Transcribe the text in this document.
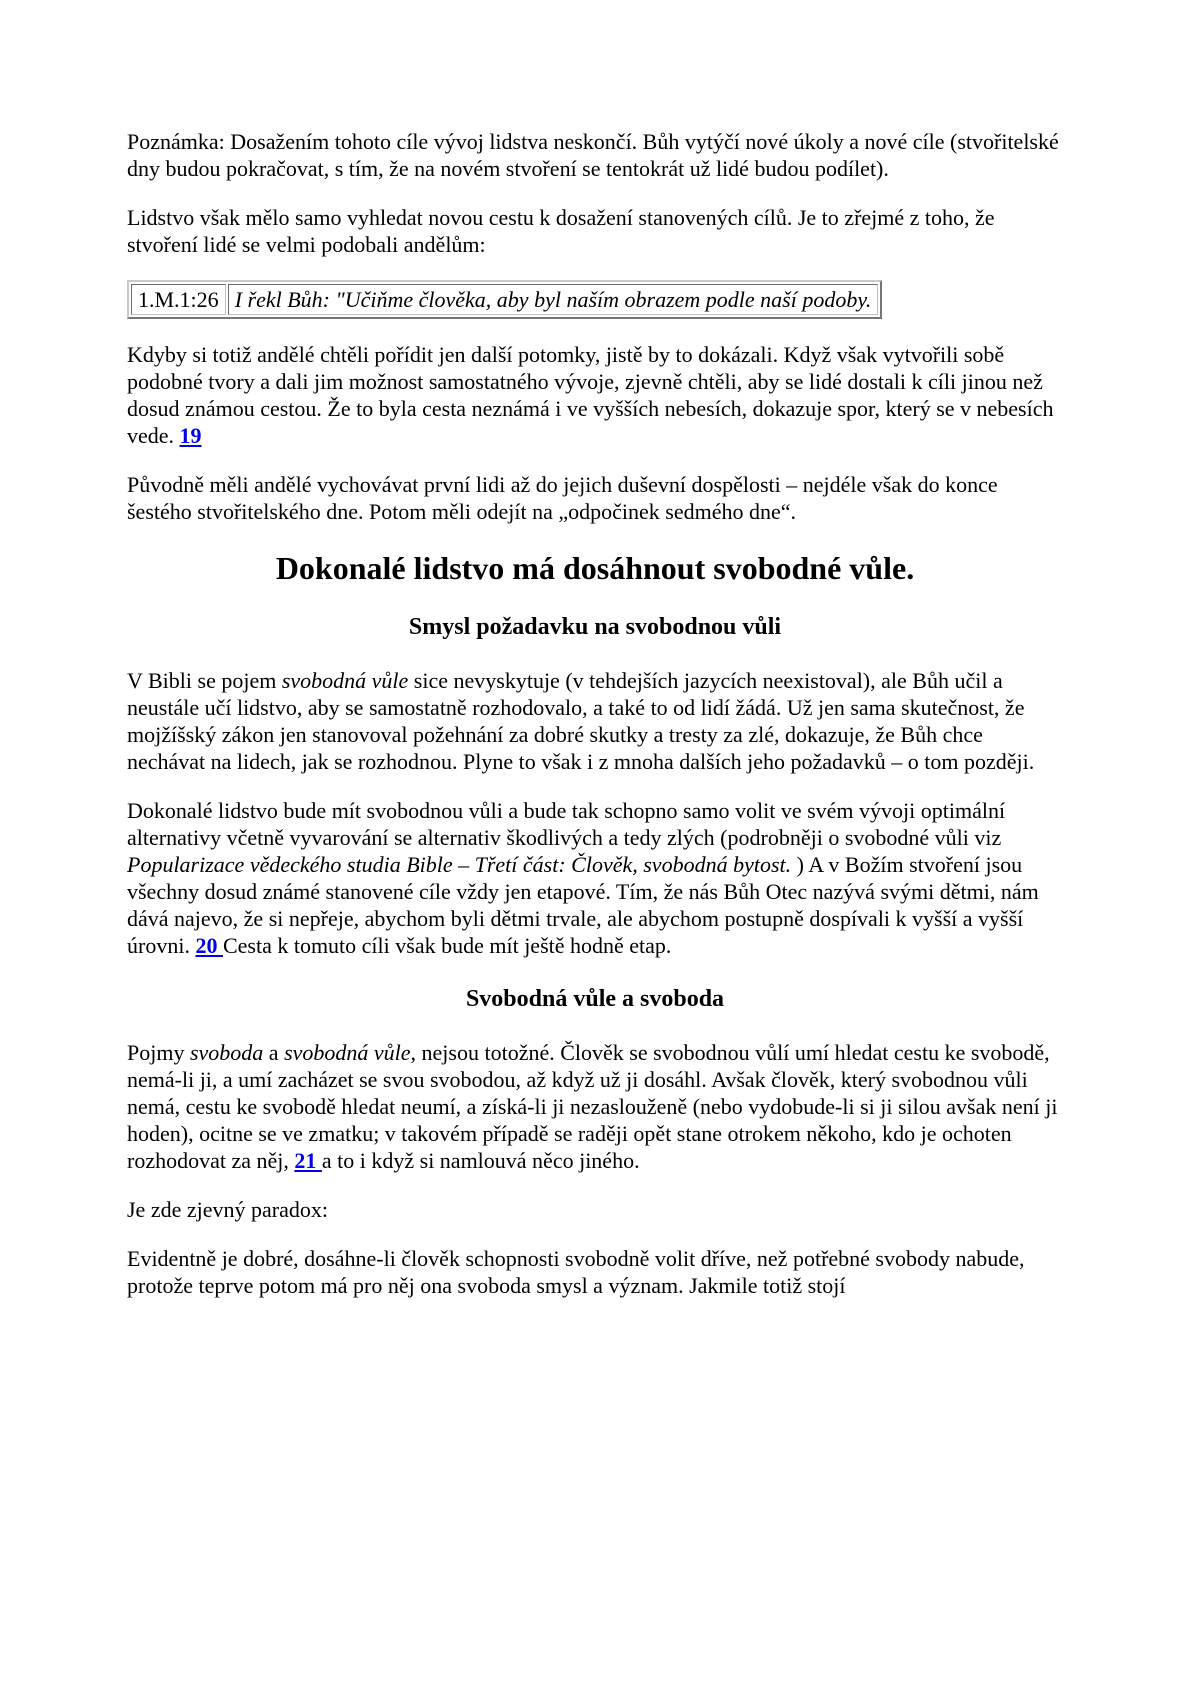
Poznámka: Dosažením tohoto cíle vývoj lidstva neskončí. Bůh vytýčí nové úkoly a nové cíle (stvořitelské dny budou pokračovat, s tím, že na novém stvoření se tentokrát už lidé budou podílet).

Lidstvo však mělo samo vyhledat novou cestu k dosažení stanovených cílů. Je to zřejmé z toho, že stvoření lidé se velmi podobali andělům:

1.M.1:26	I řekl Bůh: "Učiňme člověka, aby byl naším obrazem podle naší podoby.

Kdyby si totiž andělé chtěli pořídit jen další potomky, jistě by to dokázali. Když však vytvořili sobě podobné tvory a dali jim možnost samostatného vývoje, zjevně chtěli, aby se lidé dostali k cíli jinou než dosud známou cestou. Že to byla cesta neznámá i ve vyšších nebesích, dokazuje spor, který se v nebesích vede. 19

Původně měli andělé vychovávat první lidi až do jejich duševní dospělosti – nejdéle však do konce šestého stvořitelského dne. Potom měli odejít na „odpočinek sedmého dne“.

Dokonalé lidstvo má dosáhnout svobodné vůle.
Smysl požadavku na svobodnou vůli

V Bibli se pojem svobodná vůle sice nevyskytuje (v tehdejších jazycích neexistoval), ale Bůh učil a neustále učí lidstvo, aby se samostatně rozhodovalo, a také to od lidí žádá. Už jen sama skutečnost, že mojžíšský zákon jen stanovoval požehnání za dobré skutky a tresty za zlé, dokazuje, že Bůh chce nechávat na lidech, jak se rozhodnou. Plyne to však i z mnoha dalších jeho požadavků – o tom později.

Dokonalé lidstvo bude mít svobodnou vůli a bude tak schopno samo volit ve svém vývoji optimální alternativy včetně vyvarování se alternativ škodlivých a tedy zlých (podrobněji o svobodné vůli viz Popularizace vědeckého studia Bible – Třetí část: Člověk, svobodná bytost. ) A v Božím stvoření jsou všechny dosud známé stanovené cíle vždy jen etapové. Tím, že nás Bůh Otec nazývá svými dětmi, nám dává najevo, že si nepřeje, abychom byli dětmi trvale, ale abychom postupně dospívali k vyšší a vyšší úrovni. 20 Cesta k tomuto cíli však bude mít ještě hodně etap.

Svobodná vůle a svoboda

Pojmy svoboda a svobodná vůle, nejsou totožné. Člověk se svobodnou vůlí umí hledat cestu ke svobodě, nemá-li ji, a umí zacházet se svou svobodou, až když už ji dosáhl. Avšak člověk, který svobodnou vůli nemá, cestu ke svobodě hledat neumí, a získá-li ji nezaslouženě (nebo vydobude-li si ji silou avšak není ji hoden), ocitne se ve zmatku; v takovém případě se raději opět stane otrokem někoho, kdo je ochoten rozhodovat za něj, 21 a to i když si namlouvá něco jiného.

Je zde zjevný paradox:

Evidentně je dobré, dosáhne-li člověk schopnosti svobodně volit dříve, než potřebné svobody nabude, protože teprve potom má pro něj ona svoboda smysl a význam. Jakmile totiž stojí
